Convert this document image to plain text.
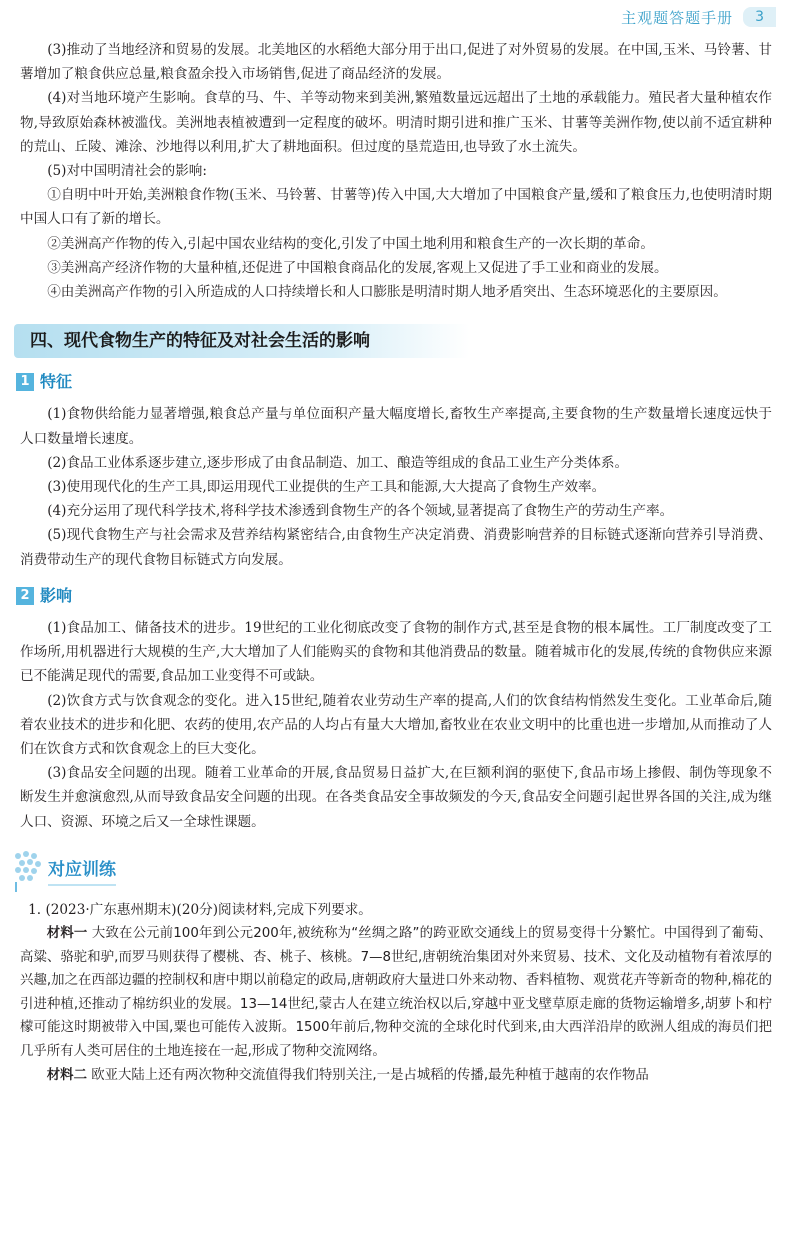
主观题答题手册	3

(3)推动了当地经济和贸易的发展。北美地区的水稻绝大部分用于出口,促进了对外贸易的发展。在中国,玉米、马铃薯、甘薯增加了粮食供应总量,粮食盈余投入市场销售,促进了商品经济的发展。

(4)对当地环境产生影响。食草的马、牛、羊等动物来到美洲,繁殖数量远远超出了土地的承载能力。殖民者大量种植农作物,导致原始森林被滥伐。美洲地表植被遭到一定程度的破坏。明清时期引进和推广玉米、甘薯等美洲作物,使以前不适宜耕种的荒山、丘陵、滩涂、沙地得以利用,扩大了耕地面积。但过度的垦荒造田,也导致了水土流失。

(5)对中国明清社会的影响:

①自明中叶开始,美洲粮食作物(玉米、马铃薯、甘薯等)传入中国,大大增加了中国粮食产量,缓和了粮食压力,也使明清时期中国人口有了新的增长。

②美洲高产作物的传入,引起中国农业结构的变化,引发了中国土地利用和粮食生产的一次长期的革命。

③美洲高产经济作物的大量种植,还促进了中国粮食商品化的发展,客观上又促进了手工业和商业的发展。

④由美洲高产作物的引入所造成的人口持续增长和人口膨胀是明清时期人地矛盾突出、生态环境恶化的主要原因。

四、现代食物生产的特征及对社会生活的影响
1 特征

(1)食物供给能力显著增强,粮食总产量与单位面积产量大幅度增长,畜牧生产率提高,主要食物的生产数量增长速度远快于人口数量增长速度。

(2)食品工业体系逐步建立,逐步形成了由食品制造、加工、酿造等组成的食品工业生产分类体系。

(3)使用现代化的生产工具,即运用现代工业提供的生产工具和能源,大大提高了食物生产效率。

(4)充分运用了现代科学技术,将科学技术渗透到食物生产的各个领域,显著提高了食物生产的劳动生产率。

(5)现代食物生产与社会需求及营养结构紧密结合,由食物生产决定消费、消费影响营养的目标链式逐渐向营养引导消费、消费带动生产的现代食物目标链式方向发展。

2 影响

(1)食品加工、储备技术的进步。19世纪的工业化彻底改变了食物的制作方式,甚至是食物的根本属性。工厂制度改变了工作场所,用机器进行大规模的生产,大大增加了人们能购买的食物和其他消费品的数量。随着城市化的发展,传统的食物供应来源已不能满足现代的需要,食品加工业变得不可或缺。

(2)饮食方式与饮食观念的变化。进入15世纪,随着农业劳动生产率的提高,人们的饮食结构悄然发生变化。工业革命后,随着农业技术的进步和化肥、农药的使用,农产品的人均占有量大大增加,畜牧业在农业文明中的比重也进一步增加,从而推动了人们在饮食方式和饮食观念上的巨大变化。

(3)食品安全问题的出现。随着工业革命的开展,食品贸易日益扩大,在巨额利润的驱使下,食品市场上掺假、制伪等现象不断发生并愈演愈烈,从而导致食品安全问题的出现。在各类食品安全事故频发的今天,食品安全问题引起世界各国的关注,成为继人口、资源、环境之后又一全球性课题。

对应训练

1. (2023·广东惠州期末)(20分)阅读材料,完成下列要求。

材料一 大致在公元前100年到公元200年,被统称为“丝绸之路”的跨亚欧交通线上的贸易变得十分繁忙。中国得到了葡萄、高粱、骆驼和驴,而罗马则获得了樱桃、杏、桃子、核桃。7—8世纪,唐朝统治集团对外来贸易、技术、文化及动植物有着浓厚的兴趣,加之在西部边疆的控制权和唐中期以前稳定的政局,唐朝政府大量进口外来动物、香料植物、观赏花卉等新奇的物种,棉花的引进种植,还推动了棉纺织业的发展。13—14世纪,蒙古人在建立统治权以后,穿越中亚戈壁草原走廊的货物运输增多,胡萝卜和柠檬可能这时期被带入中国,粟也可能传入波斯。1500年前后,物种交流的全球化时代到来,由大西洋沿岸的欧洲人组成的海员们把几乎所有人类可居住的土地连接在一起,形成了物种交流网络。

材料二 欧亚大陆上还有两次物种交流值得我们特别关注,一是占城稻的传播,最先种植于越南的农作物品
